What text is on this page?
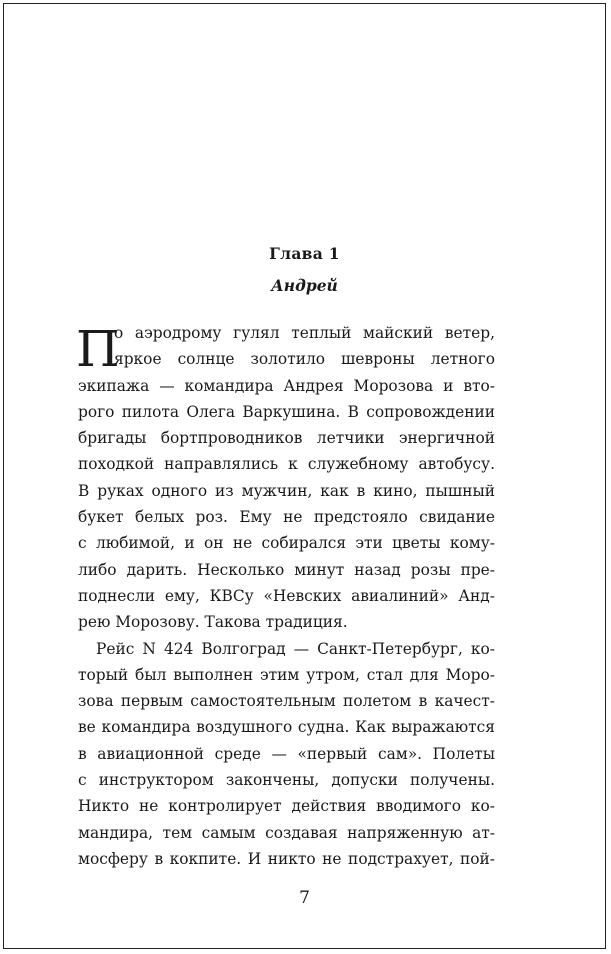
Глава 1
Андрей
П
о аэродрому гулял теплый майский ветер,
яркое солнце золотило шевроны летного
экипажа — командира Андрея Морозова и вто-
рого пилота Олега Варкушина. В сопровождении
бригады бортпроводников летчики энергичной
походкой направлялись к служебному автобусу.
В руках одного из мужчин, как в кино, пышный
букет белых роз. Ему не предстояло свидание
с любимой, и он не собирался эти цветы кому-
либо дарить. Несколько минут назад розы пре-
поднесли ему, КВСу «Невских авиалиний» Анд-
рею Морозову. Такова традиция.
Рейс N 424 Волгоград — Санкт-Петербург, ко-
торый был выполнен этим утром, стал для Моро-
зова первым самостоятельным полетом в качест-
ве командира воздушного судна. Как выражаются
в авиационной среде — «первый сам». Полеты
с инструктором закончены, допуски получены.
Никто не контролирует действия вводимого ко-
мандира, тем самым создавая напряженную ат-
мосферу в кокпите. И никто не подстрахует, пой-
7
